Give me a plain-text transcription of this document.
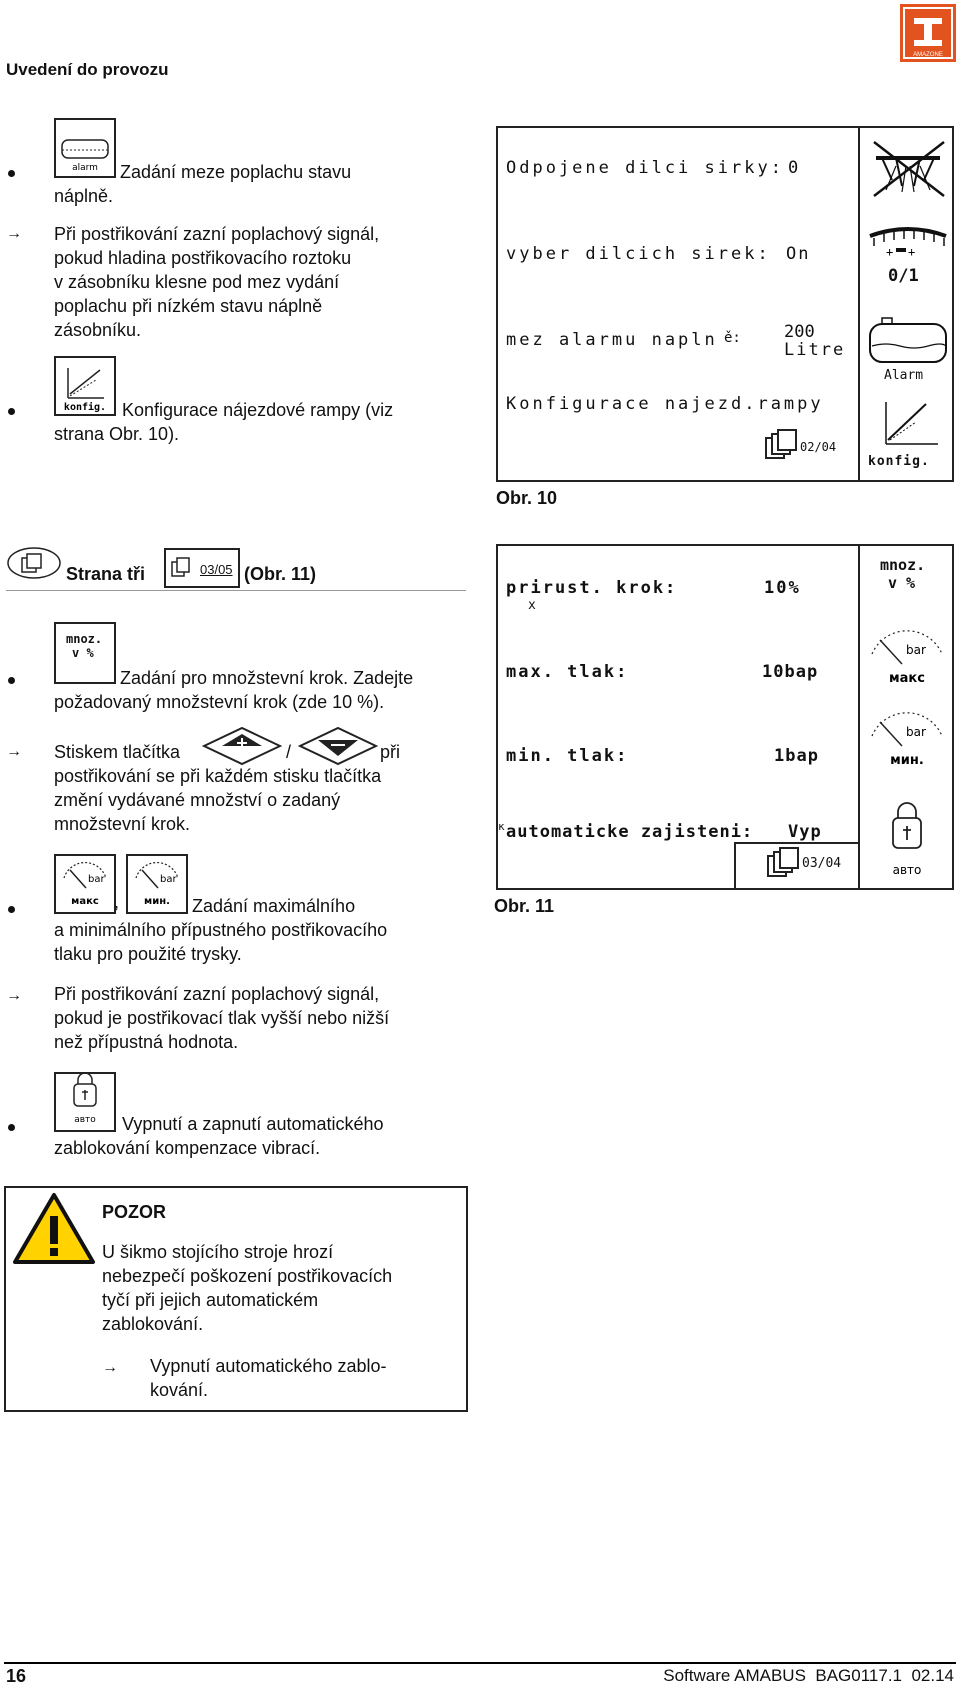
Uvedení do provozu
AMAZONE
alarm Zadání meze poplachu stavu
náplně.
→ Při postřikování zazní poplachový signál,
pokud hladina postřikovacího roztoku
v zásobníku klesne pod mez vydání
poplachu při nízkém stavu náplně
zásobníku.
konfig. Konfigurace nájezdové rampy (viz
strana Obr. 10).
Odpojene dilci sirky: 0
vyber dilcich sirek: On
mez alarmu napln ě:	200
Litre
Konfigurace najezd.rampy
02/04
+ +
0/1
Alarm
konfig.
Obr. 10
Strana tři	03/05 (Obr. 11)
mnoz.
v %
Zadání pro množstevní krok. Zadejte
požadovaný množstevní krok (zde 10 %).
→ Stiskem tlačítka	/	při
postřikování se při každém stisku tlačítka
změní vydávané množství o zadaný
množstevní krok.
bar
макс ,
bar
мин. Zadání maximálního
a minimálního přípustného postřikovacího
tlaku pro použité trysky.
→ Při postřikování zazní poplachový signál,
pokud je postřikovací tlak vyšší nebo nižší
než přípustná hodnota.
авто Vypnutí a zapnutí automatického
zablokování kompenzace vibrací.
prirust. krok:	10%
x
max. tlak:	10bap
min. tlak:	1bap
к automaticke zajisteni: Vyp
03/04
mnoz.
v %
bar
макс
bar
мин.
авто
Obr. 11
POZOR
U šikmo stojícího stroje hrozí
nebezpečí poškození postřikovacích
tyčí při jejich automatickém
zablokování.
→ Vypnutí automatického zablo-
kování.
16	Software AMABUS  BAG0117.1  02.14
